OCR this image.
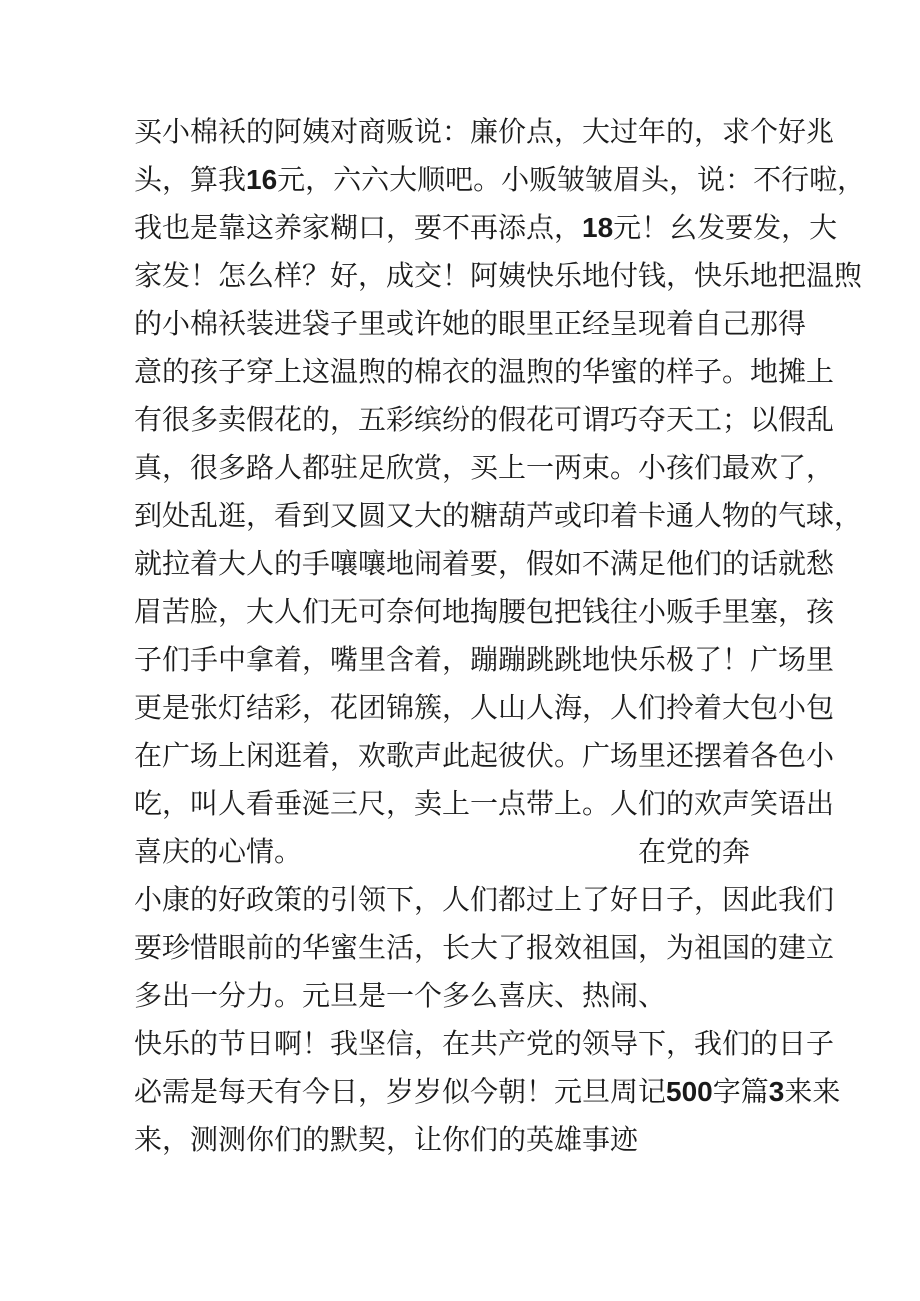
买小棉袄的阿姨对商贩说：廉价点，大过年的，求个好兆
头，算我 16 元，六六大顺吧。小贩皱皱眉头，说：不行啦，
我也是靠这养家糊口，要不再添点， 18 元！幺发要发，大
家发！怎么样？好，成交！阿姨快乐地付钱，快乐地把温煦
的小棉袄装进袋子里或许她的眼里正经呈现着自己那得
意的孩子穿上这温煦的棉衣的温煦的华蜜的样子。地摊上
有很多卖假花的，五彩缤纷的假花可谓巧夺天工；以假乱
真，很多路人都驻足欣赏，买上一两束。小孩们最欢了，
到处乱逛，看到又圆又大的糖葫芦或印着卡通人物的气球，
就拉着大人的手嚷嚷地闹着要，假如不满足他们的话就愁
眉苦脸，大人们无可奈何地掏腰包把钱往小贩手里塞，孩
子们手中拿着，嘴里含着，蹦蹦跳跳地快乐极了！广场里
更是张灯结彩，花团锦簇，人山人海，人们拎着大包小包
在广场上闲逛着，欢歌声此起彼伏。广场里还摆着各色小
吃，叫人看垂涎三尺，卖上一点带上。人们的欢声笑语出
喜庆的心情。	在党的奔
小康的好政策的引领下，人们都过上了好日子，因此我们
要珍惜眼前的华蜜生活，长大了报效祖国，为祖国的建立
多出一分力。元旦是一个多么喜庆、热闹、
快乐的节日啊！我坚信，在共产党的领导下，我们的日子
必需是每天有今日，岁岁似今朝！元旦周记 500 字篇 3 来来
来，测测你们的默契，让你们的英雄事迹
